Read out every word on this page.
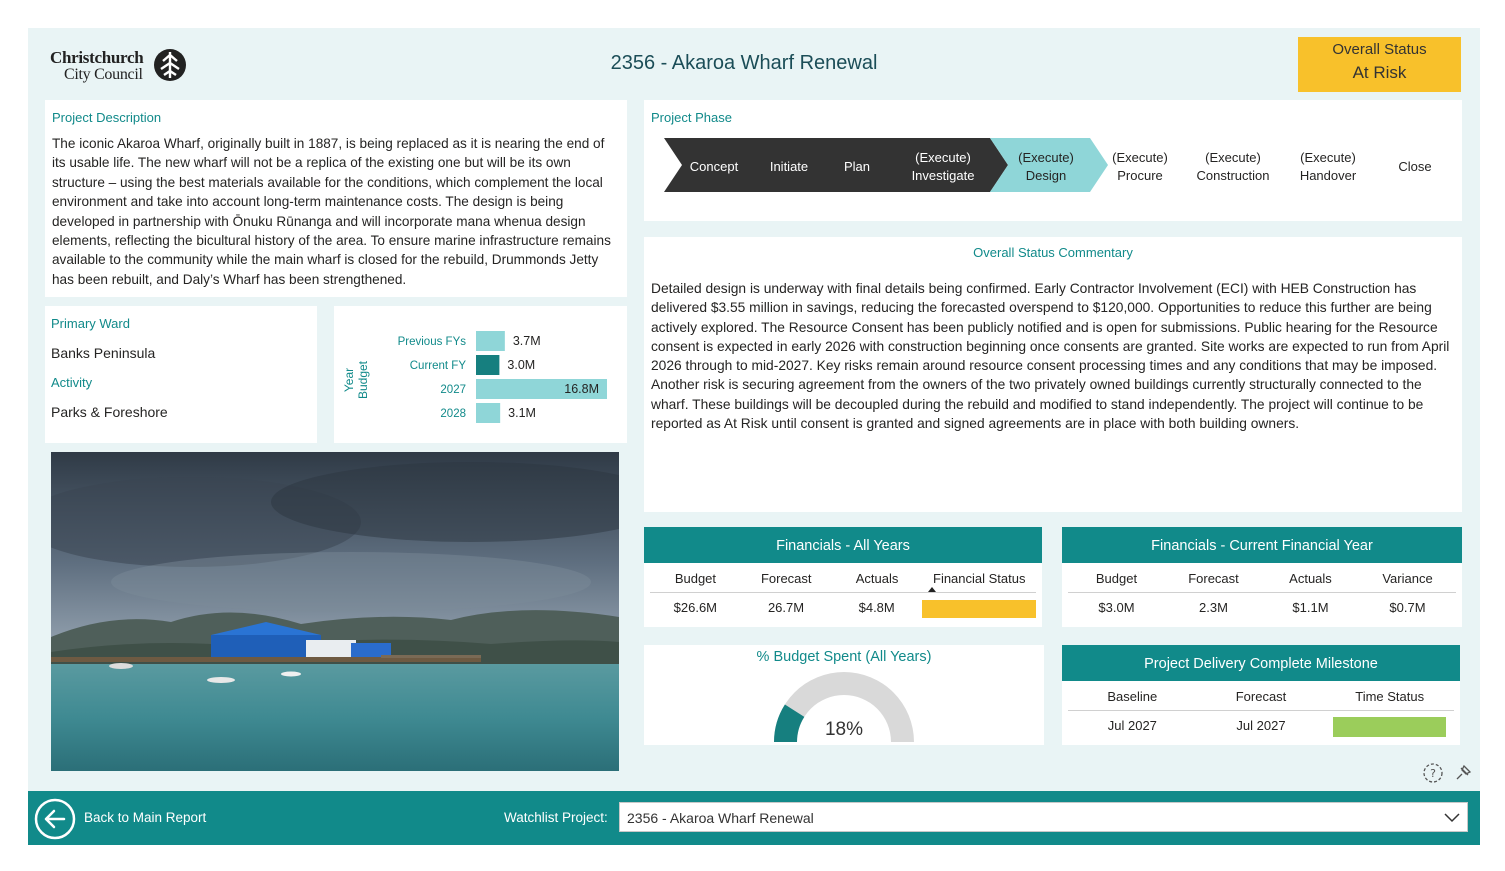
Christchurch
City Council
2356 - Akaroa Wharf Renewal
Overall Status
At Risk
Project Description
The iconic Akaroa Wharf, originally built in 1887, is being replaced as it is nearing the end of its usable life. The new wharf will not be a replica of the existing one but will be its own structure – using the best materials available for the conditions, which complement the local environment and take into account long-term maintenance costs. The design is being developed in partnership with Ōnuku Rūnanga and will incorporate mana whenua design elements, reflecting the bicultural history of the area. To ensure marine infrastructure remains available to the community while the main wharf is closed for the rebuild, Drummonds Jetty has been rebuilt, and Daly’s Wharf has been strengthened.
Primary Ward
Banks Peninsula
Activity
Parks & Foreshore
Year Budget
Previous FYs	3.7M
Current FY	3.0M
2027	16.8M
2028	3.1M
Project Phase
Concept Initiate	Plan
(Execute)
Investigate
(Execute)
Design
(Execute)
Procure
(Execute)
Construction
(Execute)
Handover
Close
Overall Status Commentary
Detailed design is underway with final details being confirmed. Early Contractor Involvement (ECI) with HEB Construction has delivered $3.55 million in savings, reducing the forecasted overspend to $120,000. Opportunities to reduce this further are being actively explored. The Resource Consent has been publicly notified and is open for submissions. Public hearing for the Resource consent is expected in early 2026 with construction beginning once consents are granted. Site works are expected to run from April 2026 through to mid-2027. Key risks remain around resource consent processing times and any conditions that may be imposed. Another risk is securing agreement from the owners of the two privately owned buildings currently structurally connected to the wharf. These buildings will be decoupled during the rebuild and modified to stand independently. The project will continue to be reported as At Risk until consent is granted and signed agreements are in place with both building owners.
Financials - All Years
Budget	Forecast	Actuals	Financial Status
$26.6M	26.7M	$4.8M
Financials - Current Financial Year
Budget	Forecast	Actuals	Variance
$3.0M	2.3M	$1.1M	$0.7M
% Budget Spent (All Years)
18%
Project Delivery Complete Milestone
Baseline	Forecast	Time Status
Jul 2027	Jul 2027
?
Back to Main Report	Watchlist Project: 2356 - Akaroa Wharf Renewal
